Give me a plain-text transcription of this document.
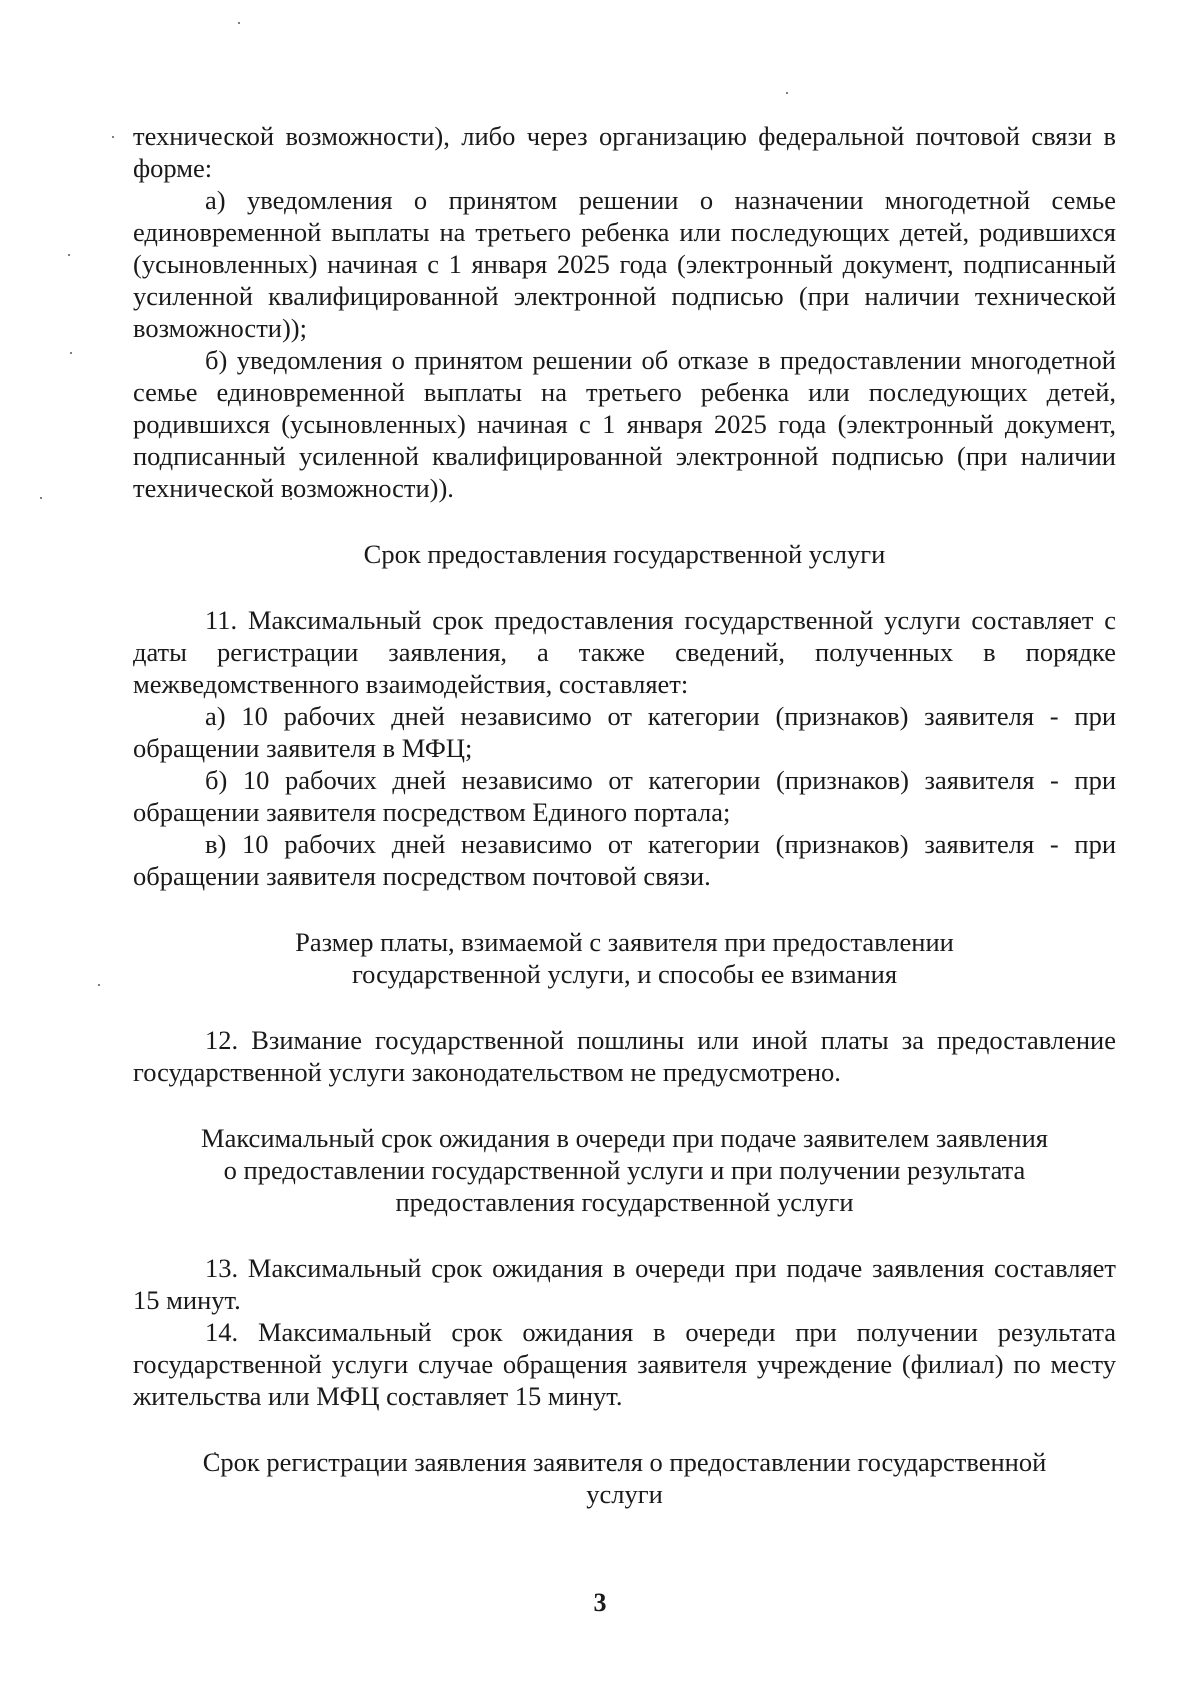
технической возможности), либо через организацию федеральной почтовой связи в форме:

а) уведомления о принятом решении о назначении многодетной семье единовременной выплаты на третьего ребенка или последующих детей, родившихся (усыновленных) начиная с 1 января 2025 года (электронный документ, подписанный усиленной квалифицированной электронной подписью (при наличии технической возможности));

б) уведомления о принятом решении об отказе в предоставлении многодетной семье единовременной выплаты на третьего ребенка или последующих детей, родившихся (усыновленных) начиная с 1 января 2025 года (электронный документ, подписанный усиленной квалифицированной электронной подписью (при наличии технической возможности)).

Срок предоставления государственной услуги

11. Максимальный срок предоставления государственной услуги составляет с даты регистрации заявления, а также сведений, полученных в порядке межведомственного взаимодействия, составляет:

а) 10 рабочих дней независимо от категории (признаков) заявителя - при обращении заявителя в МФЦ;

б) 10 рабочих дней независимо от категории (признаков) заявителя - при обращении заявителя посредством Единого портала;

в) 10 рабочих дней независимо от категории (признаков) заявителя - при обращении заявителя посредством почтовой связи.

Размер платы, взимаемой с заявителя при предоставлении

государственной услуги, и способы ее взимания

12. Взимание государственной пошлины или иной платы за предоставление государственной услуги законодательством не предусмотрено.

Максимальный срок ожидания в очереди при подаче заявителем заявления

о предоставлении государственной услуги и при получении результата

предоставления государственной услуги

13. Максимальный срок ожидания в очереди при подаче заявления составляет 15 минут.

14. Максимальный срок ожидания в очереди при получении результата государственной услуги случае обращения заявителя учреждение (филиал) по месту жительства или МФЦ составляет 15 минут.

Срок регистрации заявления заявителя о предоставлении государственной

услуги

3
